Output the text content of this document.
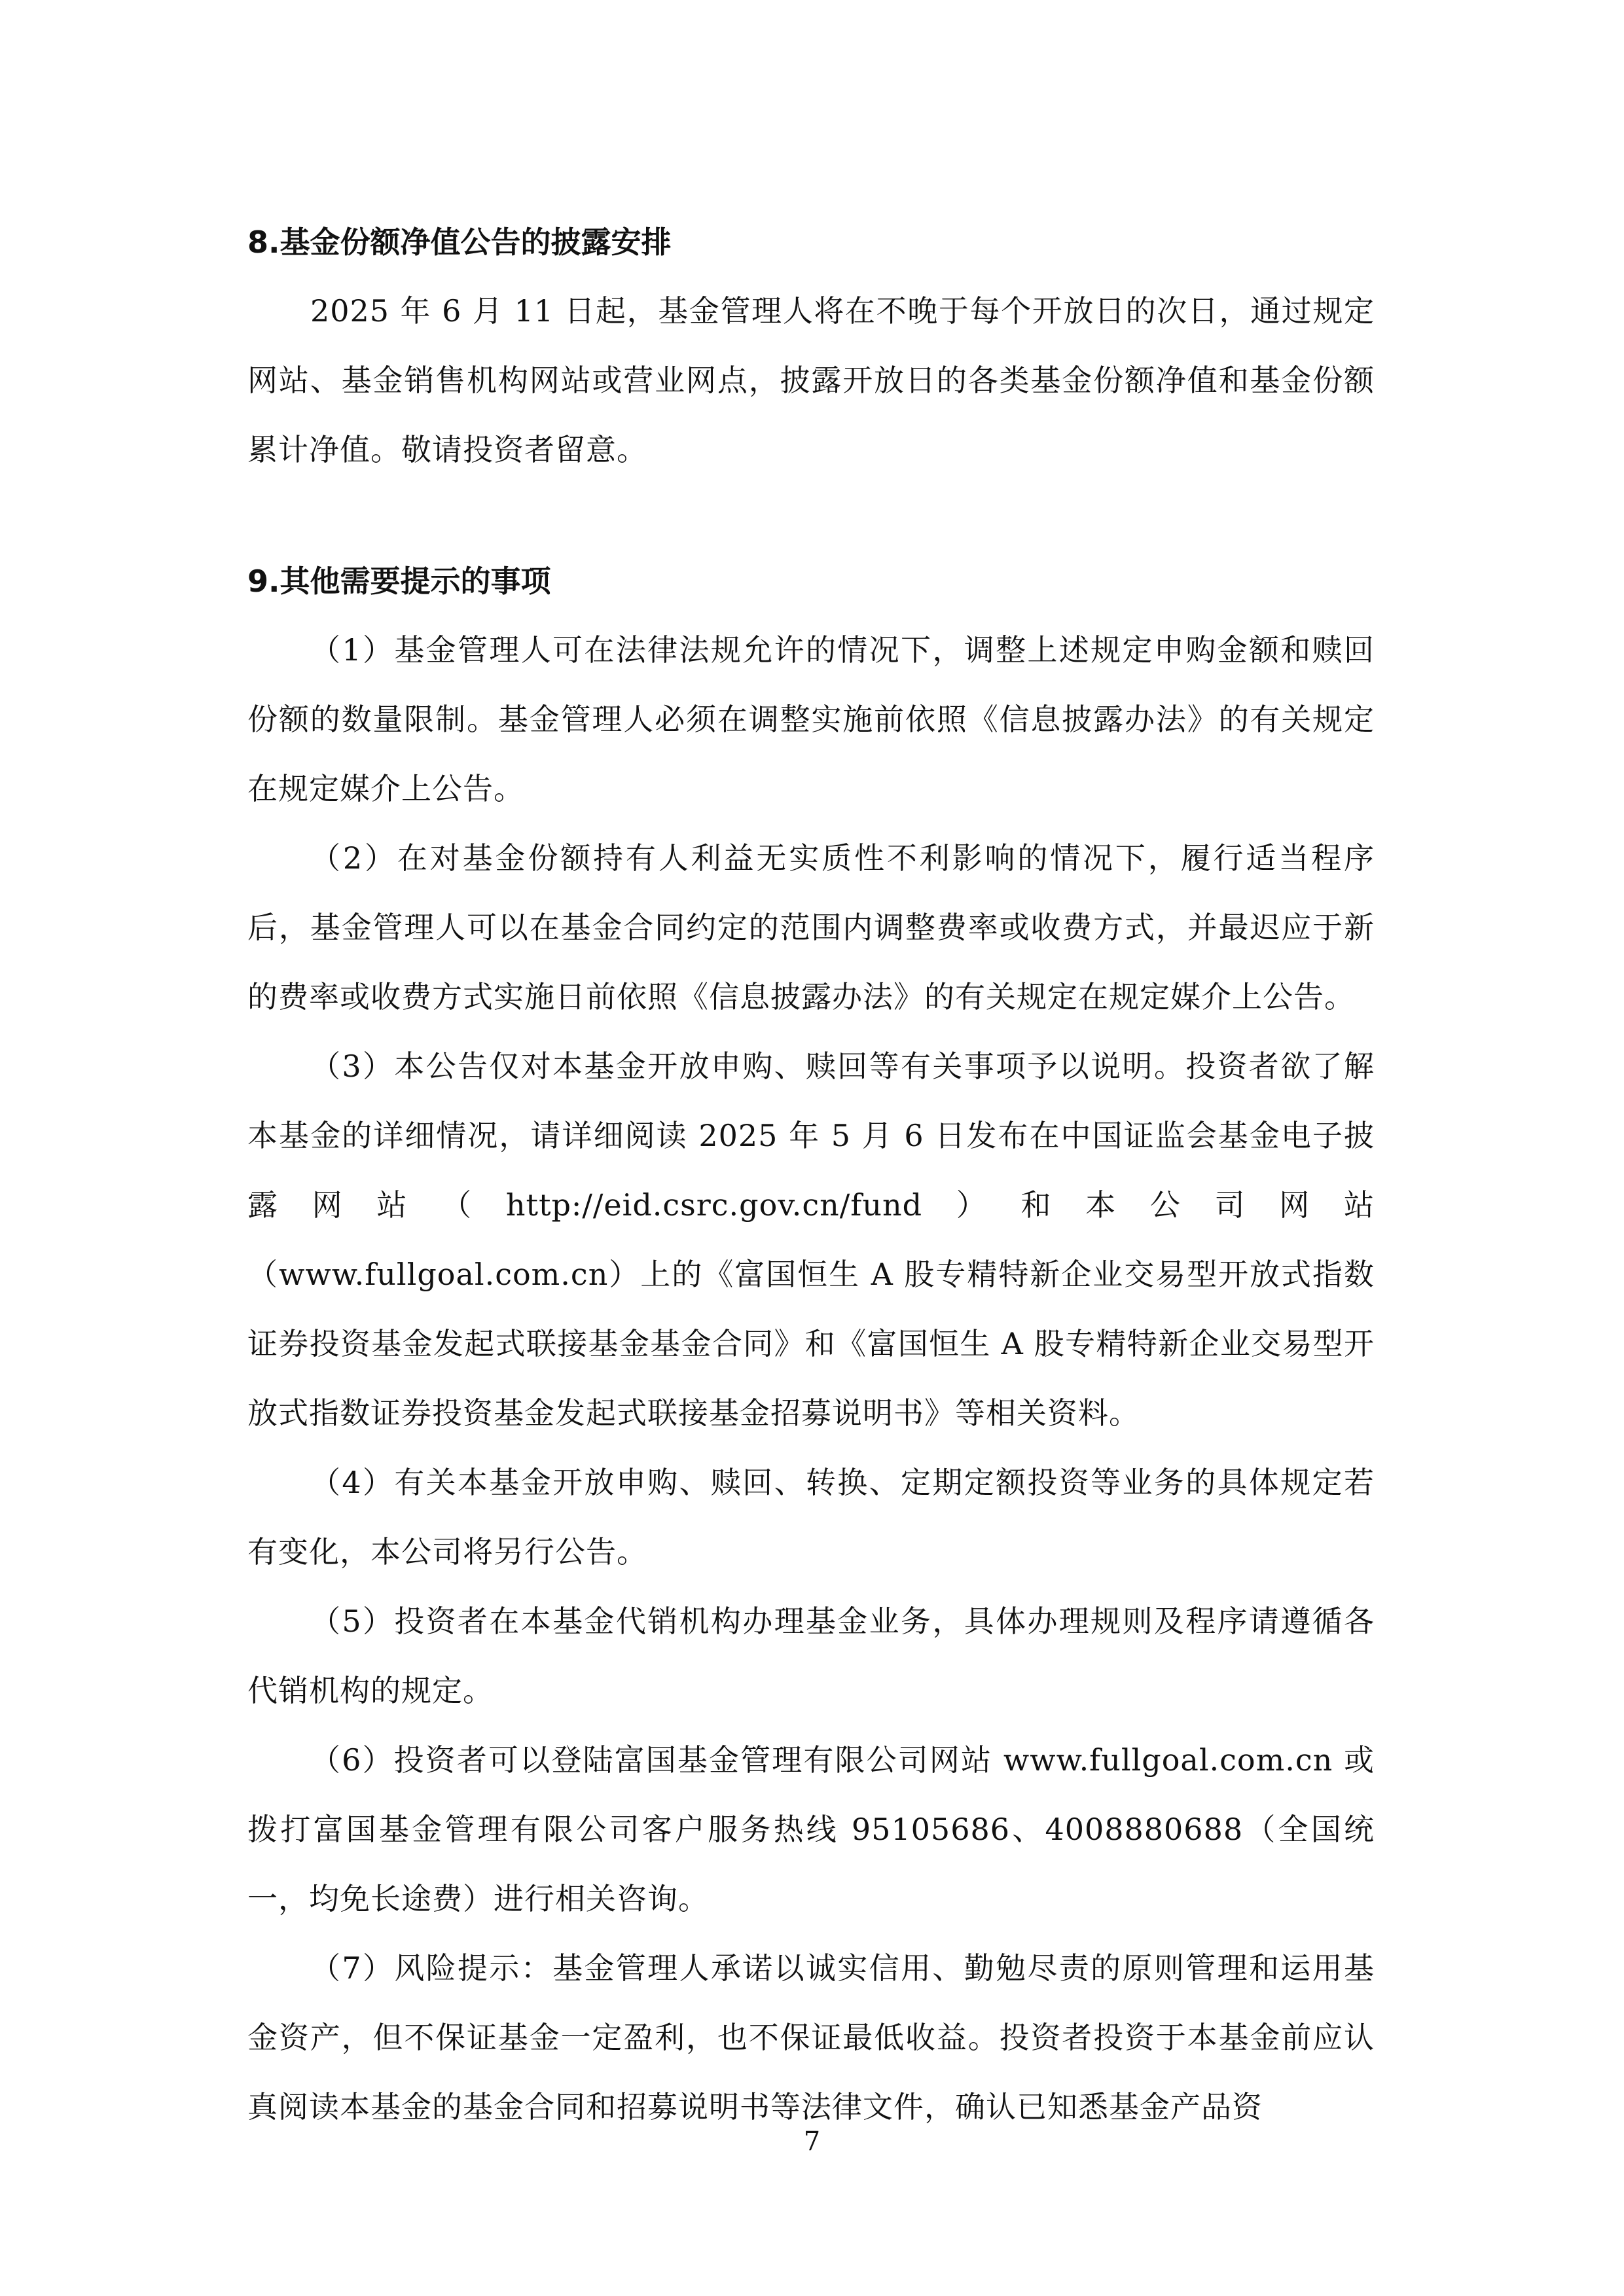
8.基金份额净值公告的披露安排

2025 年 6 月 11 日起，基金管理人将在不晚于每个开放日的次日，通过规定网站、基金销售机构网站或营业网点，披露开放日的各类基金份额净值和基金份额累计净值。敬请投资者留意。

9.其他需要提示的事项

（1）基金管理人可在法律法规允许的情况下，调整上述规定申购金额和赎回份额的数量限制。基金管理人必须在调整实施前依照《信息披露办法》的有关规定在规定媒介上公告。

（2）在对基金份额持有人利益无实质性不利影响的情况下，履行适当程序后，基金管理人可以在基金合同约定的范围内调整费率或收费方式，并最迟应于新的费率或收费方式实施日前依照《信息披露办法》的有关规定在规定媒介上公告。

（3）本公告仅对本基金开放申购、赎回等有关事项予以说明。投资者欲了解本基金的详细情况，请详细阅读 2025 年 5 月 6 日发布在中国证监会基金电子披露网站（http://eid.csrc.gov.cn/fund）和本公司网站（www.fullgoal.com.cn）上的《富国恒生 A 股专精特新企业交易型开放式指数证券投资基金发起式联接基金基金合同》和《富国恒生 A 股专精特新企业交易型开放式指数证券投资基金发起式联接基金招募说明书》等相关资料。

（4）有关本基金开放申购、赎回、转换、定期定额投资等业务的具体规定若有变化，本公司将另行公告。

（5）投资者在本基金代销机构办理基金业务，具体办理规则及程序请遵循各代销机构的规定。

（6）投资者可以登陆富国基金管理有限公司网站 www.fullgoal.com.cn 或拨打富国基金管理有限公司客户服务热线 95105686、4008880688（全国统一，均免长途费）进行相关咨询。

（7）风险提示：基金管理人承诺以诚实信用、勤勉尽责的原则管理和运用基金资产，但不保证基金一定盈利，也不保证最低收益。投资者投资于本基金前应认真阅读本基金的基金合同和招募说明书等法律文件，确认已知悉基金产品资

7
